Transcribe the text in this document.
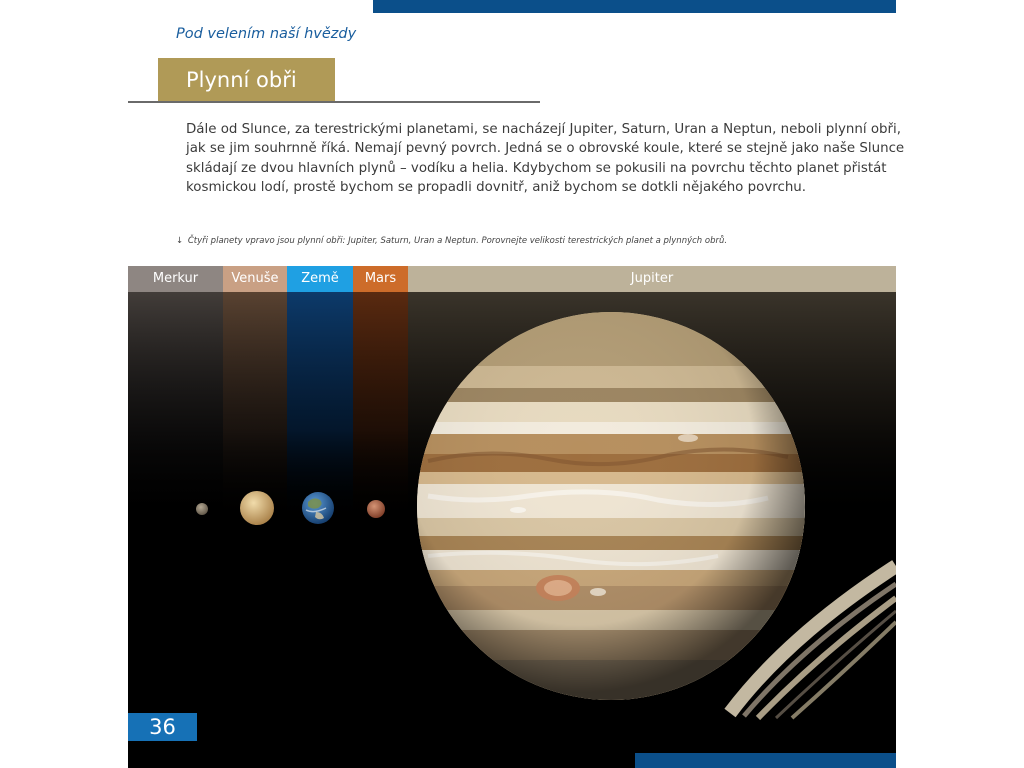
Pod velením naší hvězdy
Plynní obři
Dále od Slunce, za terestrickými planetami, se nacházejí Jupiter, Saturn, Uran a Neptun, neboli plynní obři,
jak se jim souhrnně říká. Nemají pevný povrch. Jedná se o obrovské koule, které se stejně jako naše Slunce
skládají ze dvou hlavních plynů – vodíku a helia. Kdybychom se pokusili na povrchu těchto planet přistát
kosmickou lodí, prostě bychom se propadli dovnitř, aniž bychom se dotkli nějakého povrchu.
↓ Čtyři planety vpravo jsou plynní obři: Jupiter, Saturn, Uran a Neptun. Porovnejte velikosti terestrických planet a plynných obrů.
Merkur	Venuše	Země	Mars	Jupiter
36
